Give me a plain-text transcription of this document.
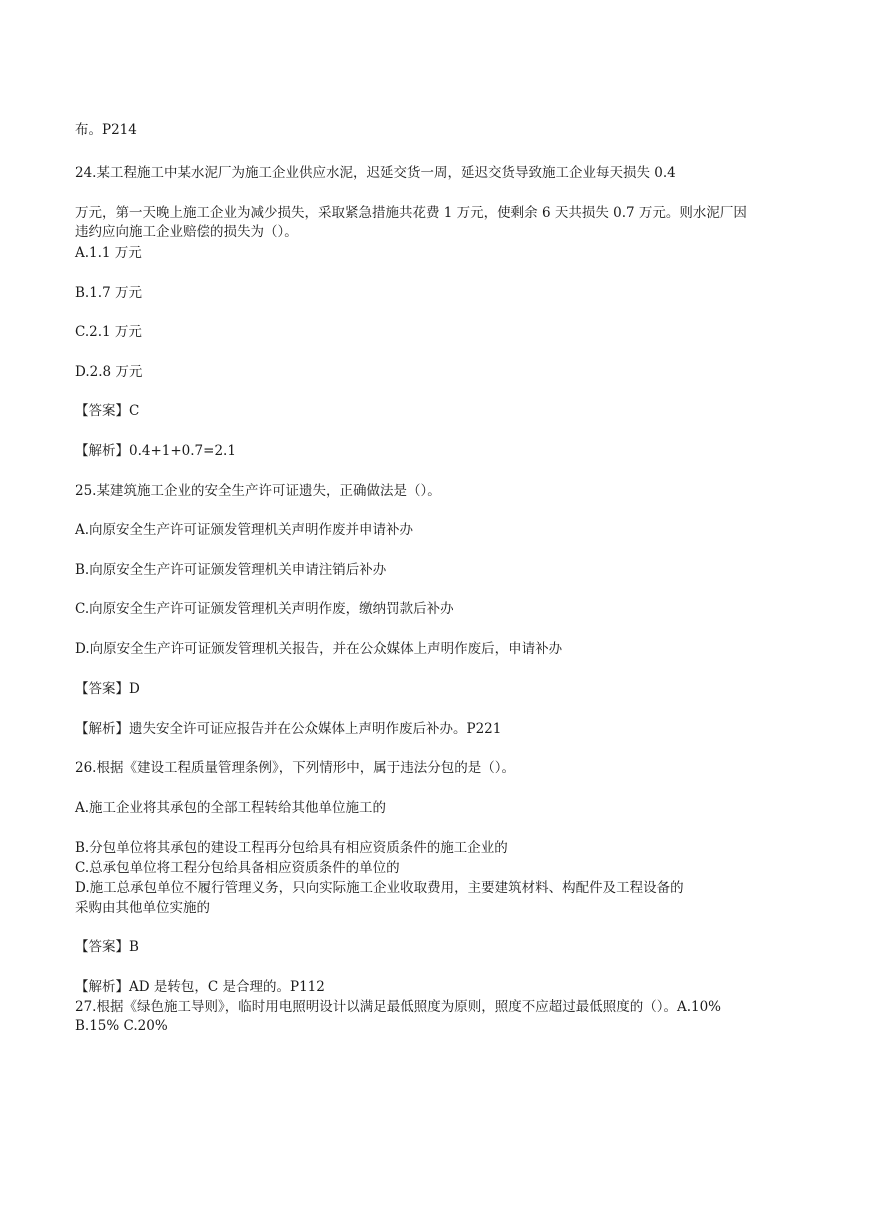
布。P214
24.某工程施工中某水泥厂为施工企业供应水泥，迟延交货一周，延迟交货导致施工企业每天损失 0.4
万元，第一天晚上施工企业为减少损失，采取紧急措施共花费 1 万元，使剩余 6 天共损失 0.7 万元。则水泥厂因
违约应向施工企业赔偿的损失为（）。
A.1.1 万元
B.1.7 万元
C.2.1 万元
D.2.8 万元
【答案】C
【解析】0.4+1+0.7=2.1
25.某建筑施工企业的安全生产许可证遗失，正确做法是（）。
A.向原安全生产许可证颁发管理机关声明作废并申请补办
B.向原安全生产许可证颁发管理机关申请注销后补办
C.向原安全生产许可证颁发管理机关声明作废，缴纳罚款后补办
D.向原安全生产许可证颁发管理机关报告，并在公众媒体上声明作废后，申请补办
【答案】D
【解析】遗失安全许可证应报告并在公众媒体上声明作废后补办。P221
26.根据《建设工程质量管理条例》，下列情形中，属于违法分包的是（）。
A.施工企业将其承包的全部工程转给其他单位施工的
B.分包单位将其承包的建设工程再分包给具有相应资质条件的施工企业的
C.总承包单位将工程分包给具备相应资质条件的单位的
D.施工总承包单位不履行管理义务，只向实际施工企业收取费用，主要建筑材料、构配件及工程设备的
采购由其他单位实施的
【答案】B
【解析】AD 是转包，C 是合理的。P112
27.根据《绿色施工导则》，临时用电照明设计以满足最低照度为原则，照度不应超过最低照度的（）。A.10%
B.15% C.20%
